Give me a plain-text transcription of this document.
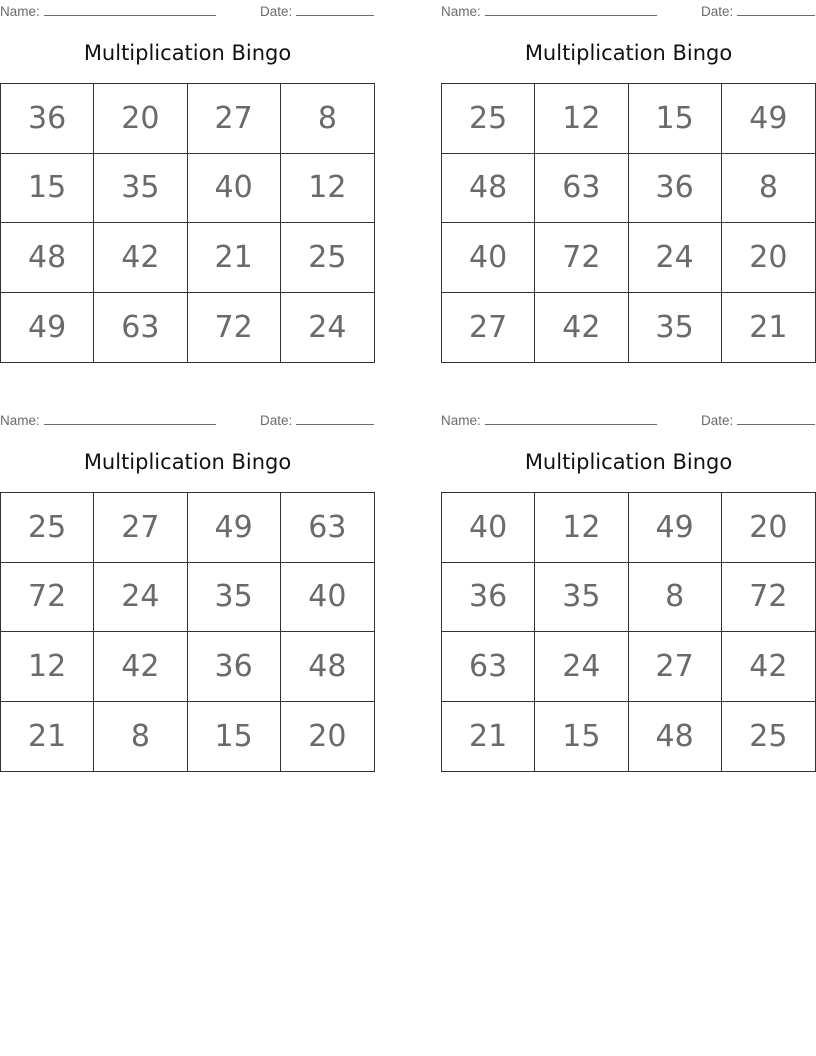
Name:	Date:
Multiplication Bingo
36	20	27	8
15	35	40	12
48	42	21	25
49	63	72	24
Name:	Date:
Multiplication Bingo
25	12	15	49
48	63	36	8
40	72	24	20
27	42	35	21
Name:	Date:
Multiplication Bingo
25	27	49	63
72	24	35	40
12	42	36	48
21	8	15	20
Name:	Date:
Multiplication Bingo
40	12	49	20
36	35	8	72
63	24	27	42
21	15	48	25
